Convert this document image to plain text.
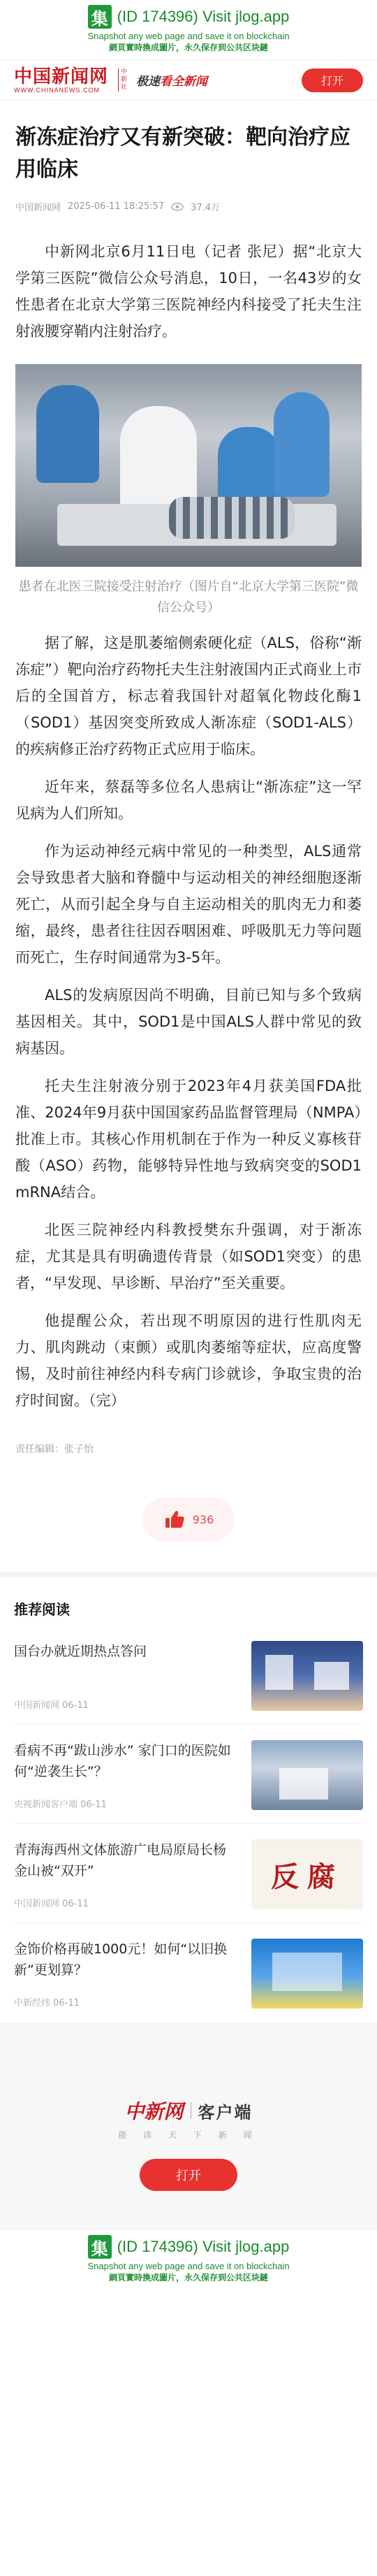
集 (ID 174396) Visit jlog.app
Snapshot any web page and save it on blockchain
網頁實時換成圖片，永久保存到公共区块鏈
中国新闻网
WWW.CHINANEWS.COM
中新社 极速看全新闻	打开
渐冻症治疗又有新突破：靶向治疗应用临床
中国新闻网 2025-06-11 18:25:57	37.4万

中新网北京6月11日电（记者 张尼）据“北京大学第三医院”微信公众号消息，10日，一名43岁的女性患者在北京大学第三医院神经内科接受了托夫生注射液腰穿鞘内注射治疗。

患者在北医三院接受注射治疗（图片自“北京大学第三医院”微信公众号）

据了解，这是肌萎缩侧索硬化症（ALS，俗称“渐冻症”）靶向治疗药物托夫生注射液国内正式商业上市后的全国首方，标志着我国针对超氧化物歧化酶1（SOD1）基因突变所致成人渐冻症（SOD1-ALS）的疾病修正治疗药物正式应用于临床。

近年来，蔡磊等多位名人患病让“渐冻症”这一罕见病为人们所知。

作为运动神经元病中常见的一种类型，ALS通常会导致患者大脑和脊髓中与运动相关的神经细胞逐渐死亡，从而引起全身与自主运动相关的肌肉无力和萎缩，最终，患者往往因吞咽困难、呼吸肌无力等问题而死亡，生存时间通常为3-5年。

ALS的发病原因尚不明确，目前已知与多个致病基因相关。其中，SOD1是中国ALS人群中常见的致病基因。

托夫生注射液分别于2023年4月获美国FDA批准、2024年9月获中国国家药品监督管理局（NMPA）批准上市。其核心作用机制在于作为一种反义寡核苷酸（ASO）药物，能够特异性地与致病突变的SOD1 mRNA结合。

北医三院神经内科教授樊东升强调，对于渐冻症，尤其是具有明确遗传背景（如SOD1突变）的患者，“早发现、早诊断、早治疗”至关重要。

他提醒公众，若出现不明原因的进行性肌肉无力、肌肉跳动（束颤）或肌肉萎缩等症状，应高度警惕，及时前往神经内科专病门诊就诊，争取宝贵的治疗时间窗。（完）

责任编辑：张子怡
936
推荐阅读
国台办就近期热点答问
中国新闻网 06-11
看病不再“跋山涉水” 家门口的医院如何“逆袭生长”？
央视新闻客户端 06-11
青海海西州文体旅游广电局原局长杨金山被“双开”
中国新闻网 06-11
反腐
金饰价格再破1000元！如何“以旧换新”更划算？
中新经纬 06-11
中新网 客户端
能 读 天 下 新 闻
打开
集 (ID 174396) Visit jlog.app
Snapshot any web page and save it on blockchain
網頁實時換成圖片，永久保存到公共区块鏈
